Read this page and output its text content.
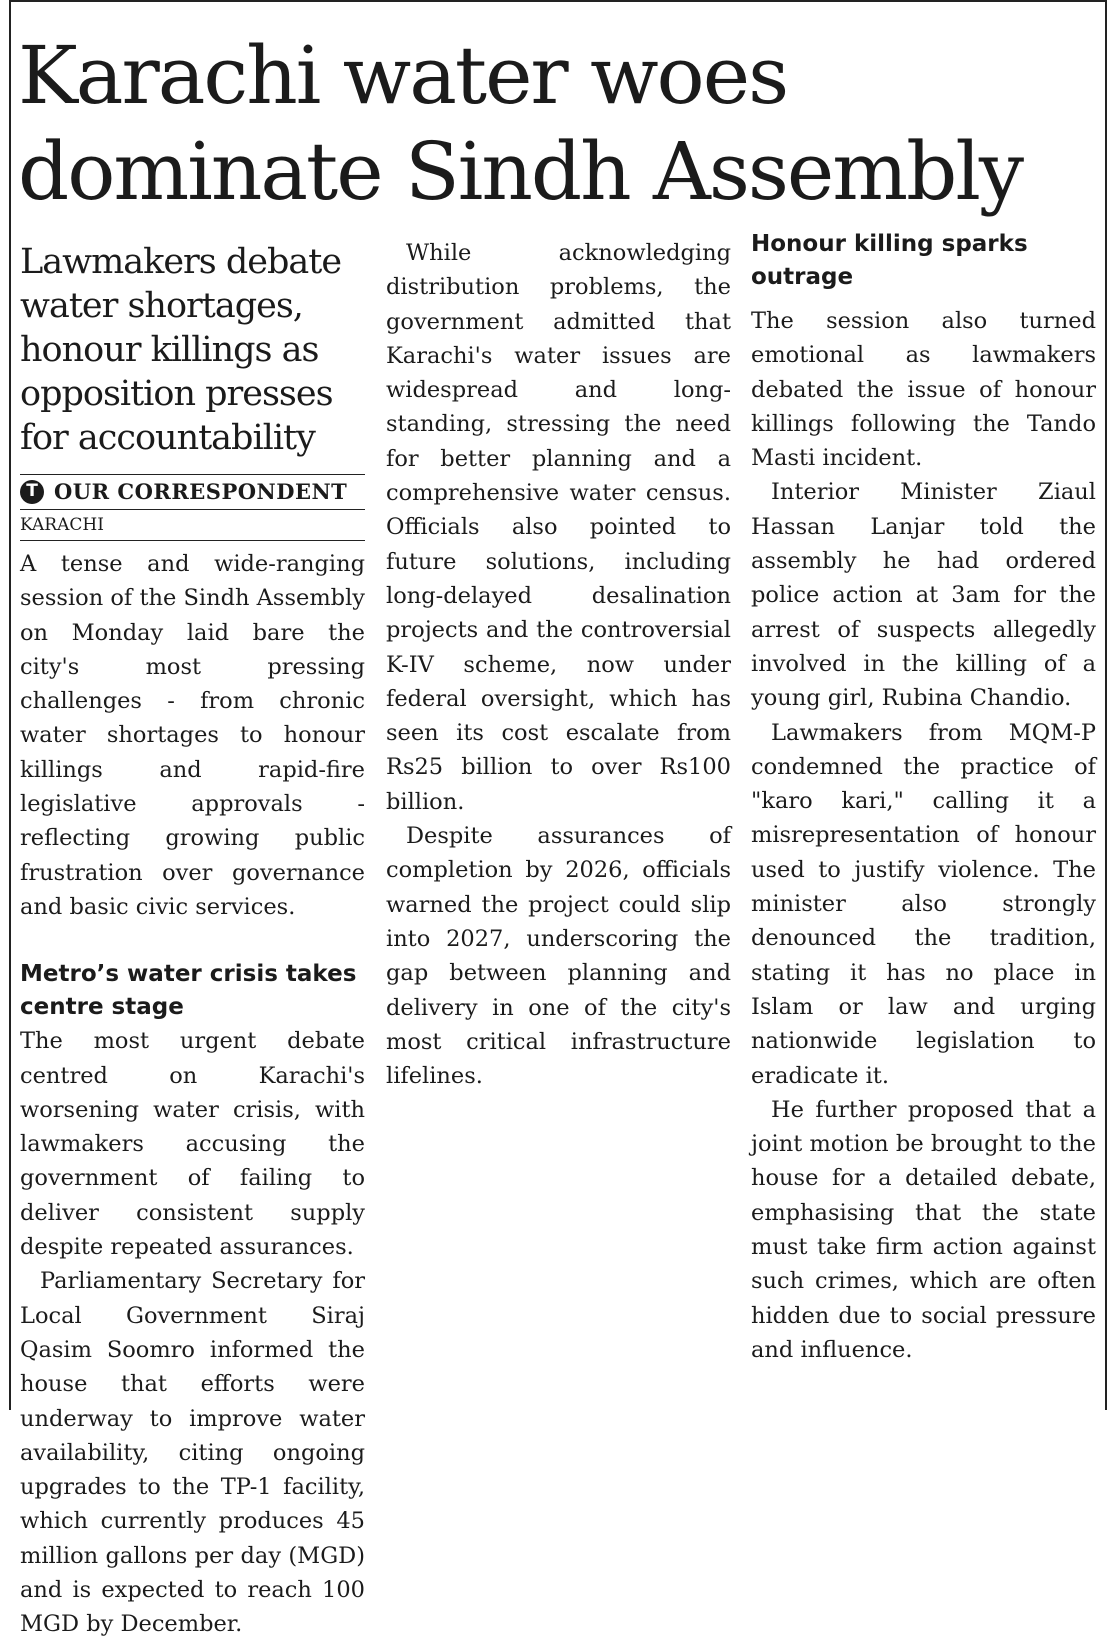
Karachi water woes dominate Sindh Assembly
Lawmakers debate water shortages, honour killings as opposition presses for accountability
T OUR CORRESPONDENT
KARACHI

A tense and wide-ranging session of the Sindh Assembly on Monday laid bare the city's most pressing challenges - from chronic water shortages to honour killings and rapid-fire legislative approvals - reflecting growing public frustration over governance and basic civic services.

Metro’s water crisis takes centre stage

The most urgent debate centred on Karachi's worsening water crisis, with lawmakers accusing the government of failing to deliver consistent supply despite repeated assurances.

Parliamentary Secretary for Local Government Siraj Qasim Soomro informed the house that efforts were underway to improve water availability, citing ongoing upgrades to the TP-1 facility, which currently produces 45 million gallons per day (MGD) and is expected to reach 100 MGD by December.

While acknowledging distribution problems, the government admitted that Karachi's water issues are widespread and long-standing, stressing the need for better planning and a comprehensive water census. Officials also pointed to future solutions, including long-delayed desalination projects and the controversial K-IV scheme, now under federal oversight, which has seen its cost escalate from Rs25 billion to over Rs100 billion.

Despite assurances of completion by 2026, officials warned the project could slip into 2027, underscoring the gap between planning and delivery in one of the city's most critical infrastructure lifelines.

Honour killing sparks outrage

The session also turned emotional as lawmakers debated the issue of honour killings following the Tando Masti incident.

Interior Minister Ziaul Hassan Lanjar told the assembly he had ordered police action at 3am for the arrest of suspects allegedly involved in the killing of a young girl, Rubina Chandio.

Lawmakers from MQM-P condemned the practice of "karo kari," calling it a misrepresentation of honour used to justify violence. The minister also strongly denounced the tradition, stating it has no place in Islam or law and urging nationwide legislation to eradicate it.

He further proposed that a joint motion be brought to the house for a detailed debate, emphasising that the state must take firm action against such crimes, which are often hidden due to social pressure and influence.
